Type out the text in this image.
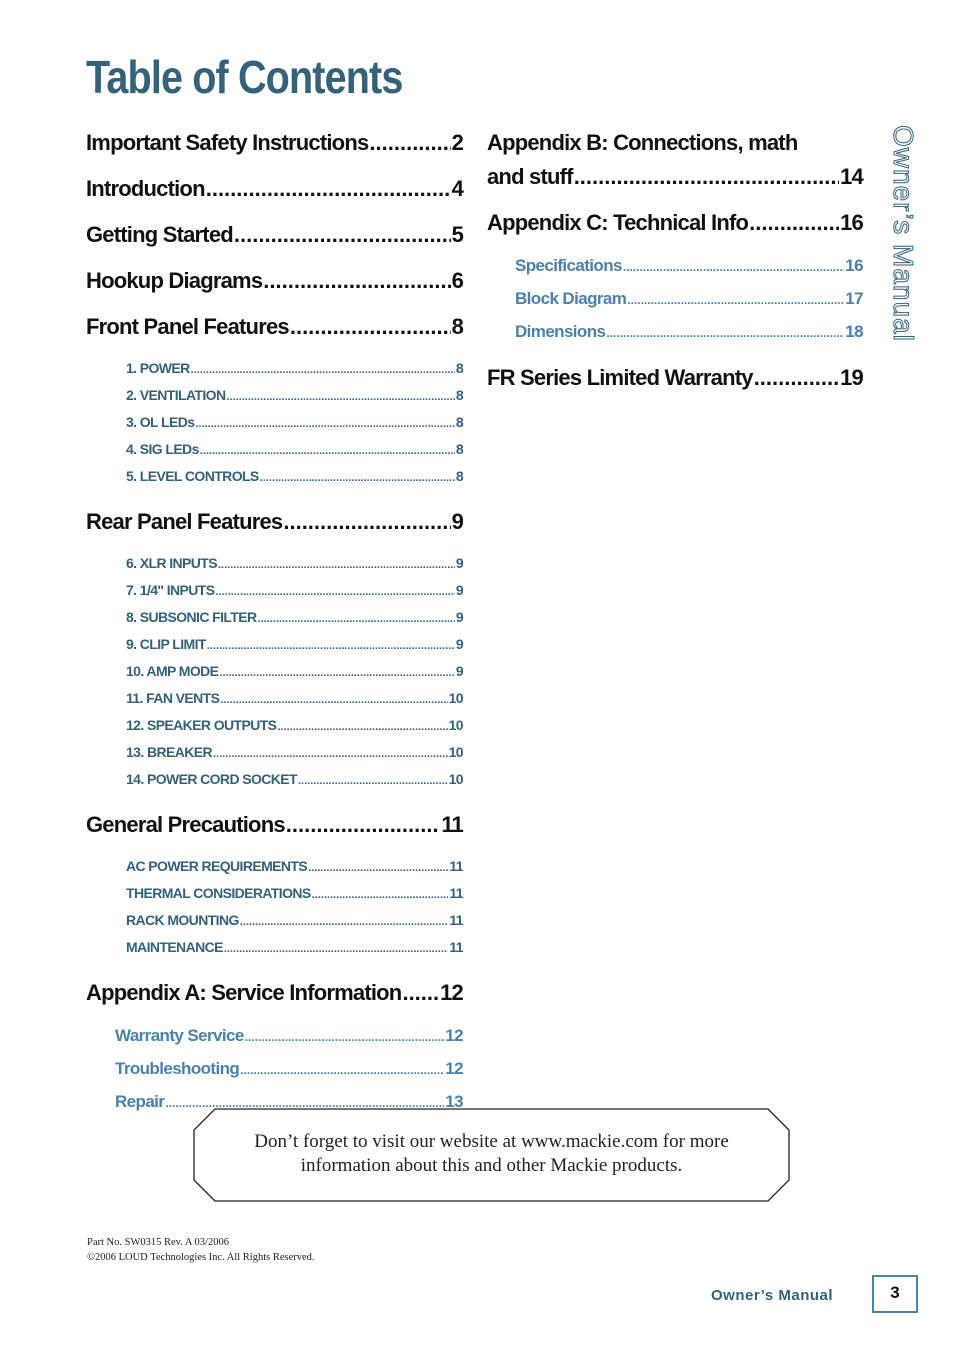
Table of Contents
Owner’s Manual
Important Safety Instructions .....	2
Introduction .....	4
Getting Started .....	5
Hookup Diagrams .....	6
Front Panel Features .....	8
1. POWER .....	8
2. VENTILATION .....	8
3. OL LEDs .....	8
4. SIG LEDs .....	8
5. LEVEL CONTROLS .....	8
Rear Panel Features .....	9
6. XLR INPUTS .....	9
7. 1/4" INPUTS .....	9
8. SUBSONIC FILTER .....	9
9. CLIP LIMIT .....	9
10. AMP MODE .....	9
11. FAN VENTS .....	10
12. SPEAKER OUTPUTS .....	10
13. BREAKER .....	10
14. POWER CORD SOCKET .....	10
General Precautions .....	11
AC POWER REQUIREMENTS .....	11
THERMAL CONSIDERATIONS .....	11
RACK MOUNTING .....	11
MAINTENANCE .....	11
Appendix A: Service Information ..... 12
Warranty Service .....	12
Troubleshooting .....	12
Repair .....	13
Appendix B: Connections, math
and stuff .....	14
Appendix C: Technical Info .....	16
Specifications .....	16
Block Diagram .....	17
Dimensions .....	18
FR Series Limited Warranty .....	19
Don’t forget to visit our website at www.mackie.com for more
information about this and other Mackie products.
Part No. SW0315 Rev. A 03/2006
©2006 LOUD Technologies Inc. All Rights Reserved.
Owner’s Manual	3
